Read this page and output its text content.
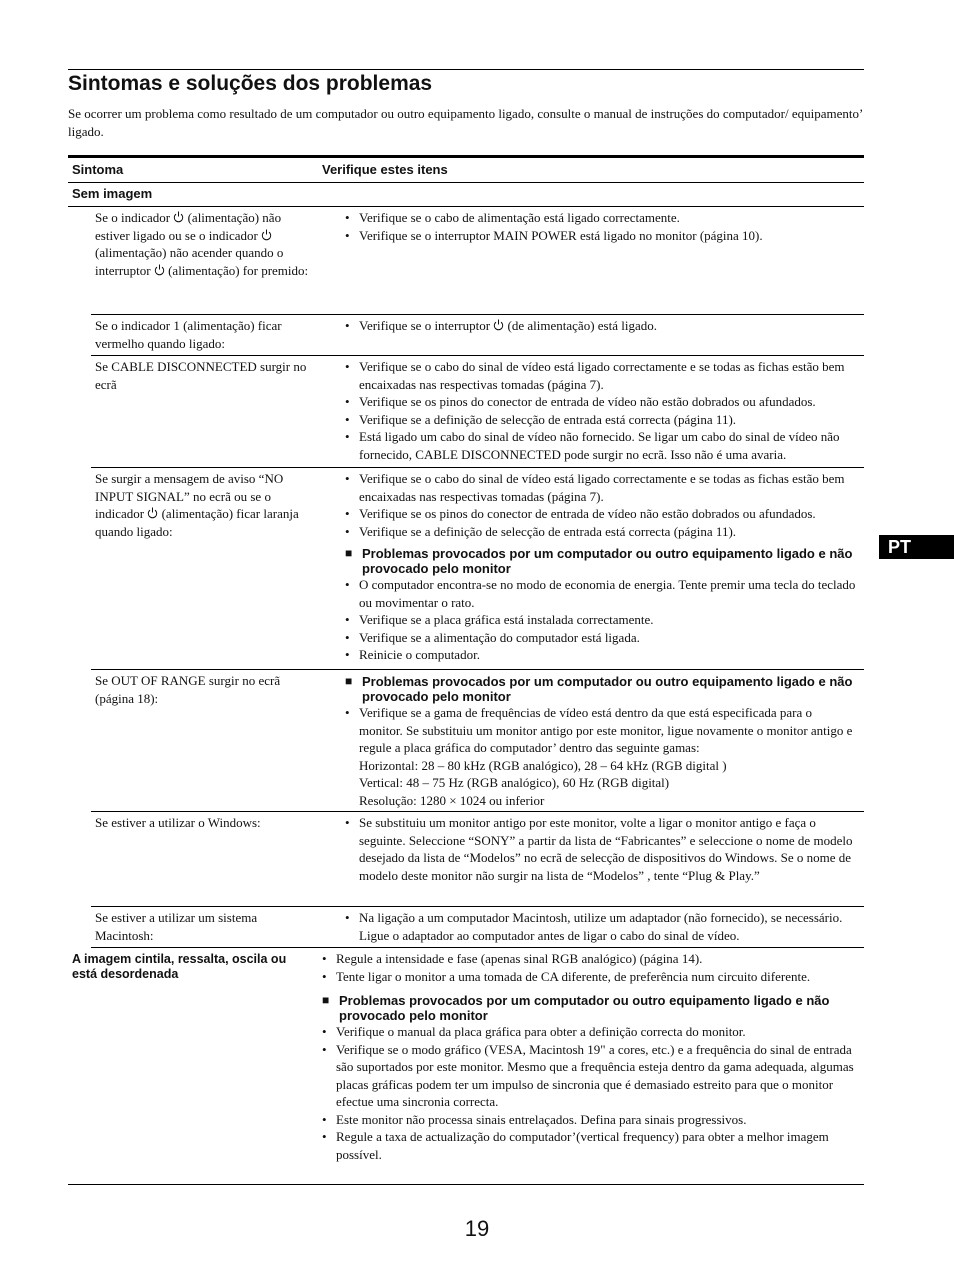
Sintomas e soluções dos problemas

Se ocorrer um problema como resultado de um computador ou outro equipamento ligado, consulte o manual de instruções do computador/ equipamento’ ligado.

Sintoma	Verifique estes itens
Sem imagem
Se o indicador  (alimentação) não estiver ligado ou se o indicador  (alimentação) não acender quando o interruptor  (alimentação) for premido:
• Verifique se o cabo de alimentação está ligado correctamente.
• Verifique se o interruptor MAIN POWER está ligado no monitor (página 10).
Se o indicador 1 (alimentação) ficar vermelho quando ligado:
• Verifique se o interruptor  (de alimentação) está ligado.
Se CABLE DISCONNECTED surgir no ecrã
• Verifique se o cabo do sinal de vídeo está ligado correctamente e se todas as fichas estão bem encaixadas nas respectivas tomadas (página 7).
• Verifique se os pinos do conector de entrada de vídeo não estão dobrados ou afundados.
• Verifique se a definição de selecção de entrada está correcta (página 11).
• Está ligado um cabo do sinal de vídeo não fornecido. Se ligar um cabo do sinal de vídeo não fornecido, CABLE DISCONNECTED pode surgir no ecrã. Isso não é uma avaria.
Se surgir a mensagem de aviso “NO INPUT SIGNAL” no ecrã ou se o indicador  (alimentação) ficar laranja quando ligado:
• Verifique se o cabo do sinal de vídeo está ligado correctamente e se todas as fichas estão bem encaixadas nas respectivas tomadas (página 7).
• Verifique se os pinos do conector de entrada de vídeo não estão dobrados ou afundados.
• Verifique se a definição de selecção de entrada está correcta (página 11).
■ Problemas provocados por um computador ou outro equipamento ligado e não provocado pelo monitor
• O computador encontra-se no modo de economia de energia. Tente premir uma tecla do teclado ou movimentar o rato.
• Verifique se a placa gráfica está instalada correctamente.
• Verifique se a alimentação do computador está ligada.
• Reinicie o computador.
Se OUT OF RANGE surgir no ecrã (página 18):
■ Problemas provocados por um computador ou outro equipamento ligado e não provocado pelo monitor
• Verifique se a gama de frequências de vídeo está dentro da que está especificada para o monitor. Se substituiu um monitor antigo por este monitor, ligue novamente o monitor antigo e regule a placa gráfica do computador’ dentro das seguinte gamas:
Horizontal: 28 – 80 kHz (RGB analógico), 28 – 64 kHz (RGB digital )
Vertical: 48 – 75 Hz (RGB analógico), 60 Hz (RGB digital)
Resolução: 1280 × 1024 ou inferior
Se estiver a utilizar o Windows:
•	Se substituiu um monitor antigo por este monitor, volte a ligar o monitor antigo e faça o seguinte. Seleccione “SONY” a partir da lista de “Fabricantes” e seleccione o nome de modelo desejado da lista de “Modelos” no ecrã de selecção de dispositivos do Windows. Se o nome de modelo deste monitor não surgir na lista de “Modelos” , tente “Plug & Play.”
Se estiver a utilizar um sistema Macintosh:
• Na ligação a um computador Macintosh, utilize um adaptador (não fornecido), se necessário. Ligue o adaptador ao computador antes de ligar o cabo do sinal de vídeo.
A imagem cintila, ressalta, oscila ou está desordenada
• Regule a intensidade e fase (apenas sinal RGB analógico) (página 14).
• Tente ligar o monitor a uma tomada de CA diferente, de preferência num circuito diferente.
■ Problemas provocados por um computador ou outro equipamento ligado e não provocado pelo monitor
• Verifique o manual da placa gráfica para obter a definição correcta do monitor.
• Verifique se o modo gráfico (VESA, Macintosh 19" a cores, etc.) e a frequência do sinal de entrada são suportados por este monitor. Mesmo que a frequência esteja dentro da gama adequada, algumas placas gráficas podem ter um impulso de sincronia que é demasiado estreito para que o monitor efectue uma sincronia correcta.
• Este monitor não processa sinais entrelaçados. Defina para sinais progressivos.
• Regule a taxa de actualização do computador’(vertical frequency) para obter a melhor imagem possível.
PT
19
